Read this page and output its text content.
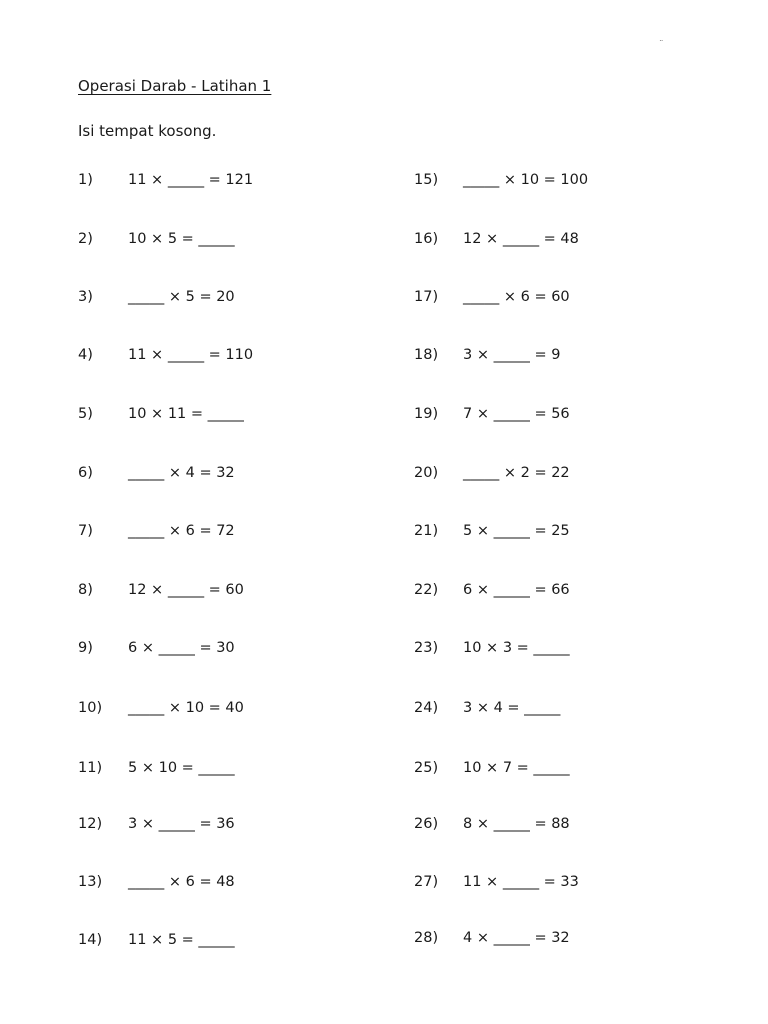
¨
Operasi Darab - Latihan 1
Isi tempat kosong.
1) 11 × _____ = 121
2) 10 × 5 = _____
3) _____ × 5 = 20
4) 11 × _____ = 110
5) 10 × 11 = _____
6) _____ × 4 = 32
7) _____ × 6 = 72
8) 12 × _____ = 60
9) 6 × _____ = 30
10) _____ × 10 = 40
11) 5 × 10 = _____
12) 3 × _____ = 36
13) _____ × 6 = 48
14) 11 × 5 = _____
15) _____ × 10 = 100
16) 12 × _____ = 48
17) _____ × 6 = 60
18) 3 × _____ = 9
19) 7 × _____ = 56
20) _____ × 2 = 22
21) 5 × _____ = 25
22) 6 × _____ = 66
23) 10 × 3 = _____
24) 3 × 4 = _____
25) 10 × 7 = _____
26) 8 × _____ = 88
27) 11 × _____ = 33
28) 4 × _____ = 32
